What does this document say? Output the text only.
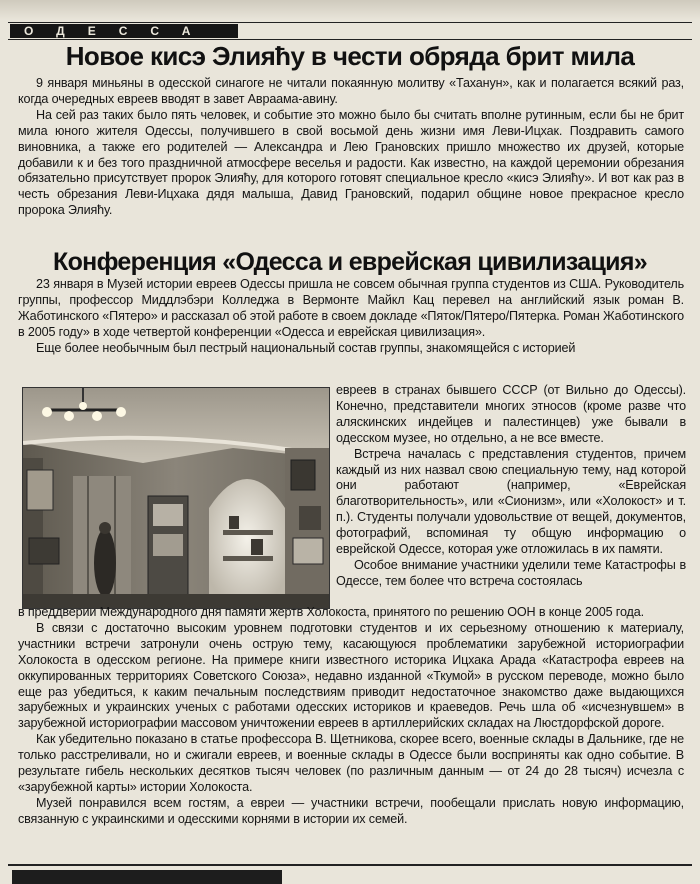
ОДЕССА
Новое кисэ Элияћу в чести обряда брит мила

9 января миньяны в одесской синагоге не читали покаянную молитву «Таханун», как и полагается всякий раз, когда очередных евреев вводят в завет Авраама-авину.

На сей раз таких было пять человек, и событие это можно было бы считать вполне рутинным, если бы не брит мила юного жителя Одессы, получившего в свой восьмой день жизни имя Леви-Ицхак. Поздравить самого виновника, а также его родителей — Александра и Лею Грановских пришло множество их друзей, которые добавили к и без того праздничной атмосфере веселья и радости. Как известно, на каждой церемонии обрезания обязательно присутствует пророк Элияћу, для которого готовят специальное кресло «кисэ Элияћу». И вот как раз в честь обрезания Леви-Ицхака дядя малыша, Давид Грановский, подарил общине новое прекрасное кресло пророка Элияћу.

Конференция «Одесса и еврейская цивилизация»

23 января в Музей истории евреев Одессы пришла не совсем обычная группа студентов из США. Руководитель группы, профессор Миддлэбэри Колледжа в Вермонте Майкл Кац перевел на английский язык роман В. Жаботинского «Пятеро» и рассказал об этой работе в своем докладе «Пяток/Пятеро/Пятерка. Роман Жаботинского в 2005 году» в ходе четвертой конференции «Одесса и еврейская цивилизация».

Еще более необычным был пестрый национальный состав группы, знакомящейся с историей

евреев в странах бывшего СССР (от Вильно до Одессы). Конечно, представители многих этносов (кроме разве что аляскинских индейцев и палестинцев) уже бывали в одесском музее, но отдельно, а не все вместе.

Встреча началась с представления студентов, причем каждый из них назвал свою специальную тему, над которой они работают (например, «Еврейская благотворительность», или «Сионизм», или «Холокост» и т. п.). Студенты получали удовольствие от вещей, документов, фотографий, вспоминая ту общую информацию о еврейской Одессе, которая уже отложилась в их памяти.

Особое внимание участники уделили теме Катастрофы в Одессе, тем более что встреча состоялась

в преддверии Международного дня памяти жертв Холокоста, принятого по решению ООН в конце 2005 года.

В связи с достаточно высоким уровнем подготовки студентов и их серьезному отношению к материалу, участники встречи затронули очень острую тему, касающуюся проблематики зарубежной историографии Холокоста в одесском регионе. На примере книги известного историка Ицхака Арада «Катастрофа евреев на оккупированных территориях Советского Союза», недавно изданной «Ткумой» в русском переводе, можно было еще раз убедиться, к каким печальным последствиям приводит недостаточное знакомство даже выдающихся зарубежных и украинских ученых с работами одесских историков и краеведов. Речь шла об «исчезнувшем» в зарубежной историографии массовом уничтожении евреев в артиллерийских складах на Люстдорфской дороге.

Как убедительно показано в статье профессора В. Щетникова, скорее всего, военные склады в Дальнике, где не только расстреливали, но и сжигали евреев, и военные склады в Одессе были восприняты как одно событие. В результате гибель нескольких десятков тысяч человек (по различным данным — от 24 до 28 тысяч) исчезла с «зарубежной карты» истории Холокоста.

Музей понравился всем гостям, а евреи — участники встречи, пообещали прислать новую информацию, связанную с украинскими и одесскими корнями в истории их семей.
